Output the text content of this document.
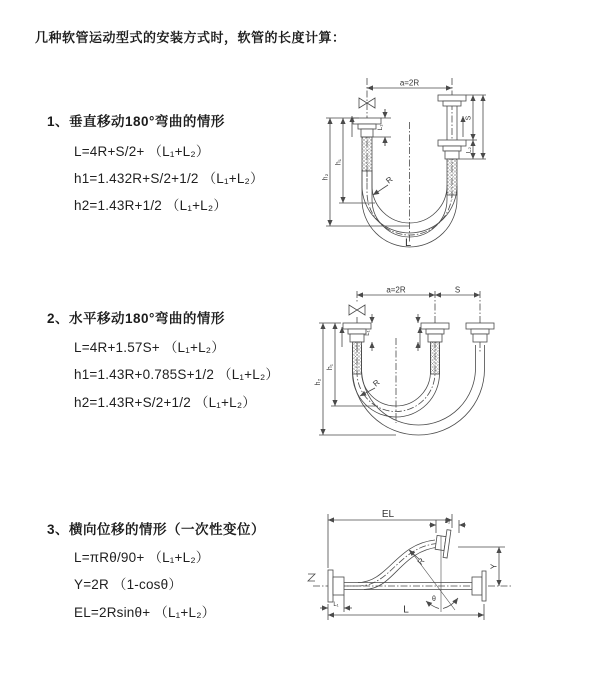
几种软管运动型式的安装方式时，软管的长度计算：
1、垂直移动180°弯曲的情形
L=4R+S/2+ （L₁+L₂）
h1=1.432R+S/2+1/2 （L₁+L₂）
h2=1.43R+1/2 （L₁+L₂）
2、水平移动180°弯曲的情形
L=4R+1.57S+ （L₁+L₂）
h1=1.43R+0.785S+1/2 （L₁+L₂）
h2=1.43R+S/2+1/2 （L₁+L₂）
3、横向位移的情形（一次性变位）
L=πRθ/90+ （L₁+L₂）
Y=2R （1-cosθ）
EL=2Rsinθ+ （L₁+L₂）
a=2R
h₁
h₂
L₁
S
L₂
R
L
a=2R	S
h₁
h₂
L₁
R
EL
L₂
Y
R
θ
L
L₁
